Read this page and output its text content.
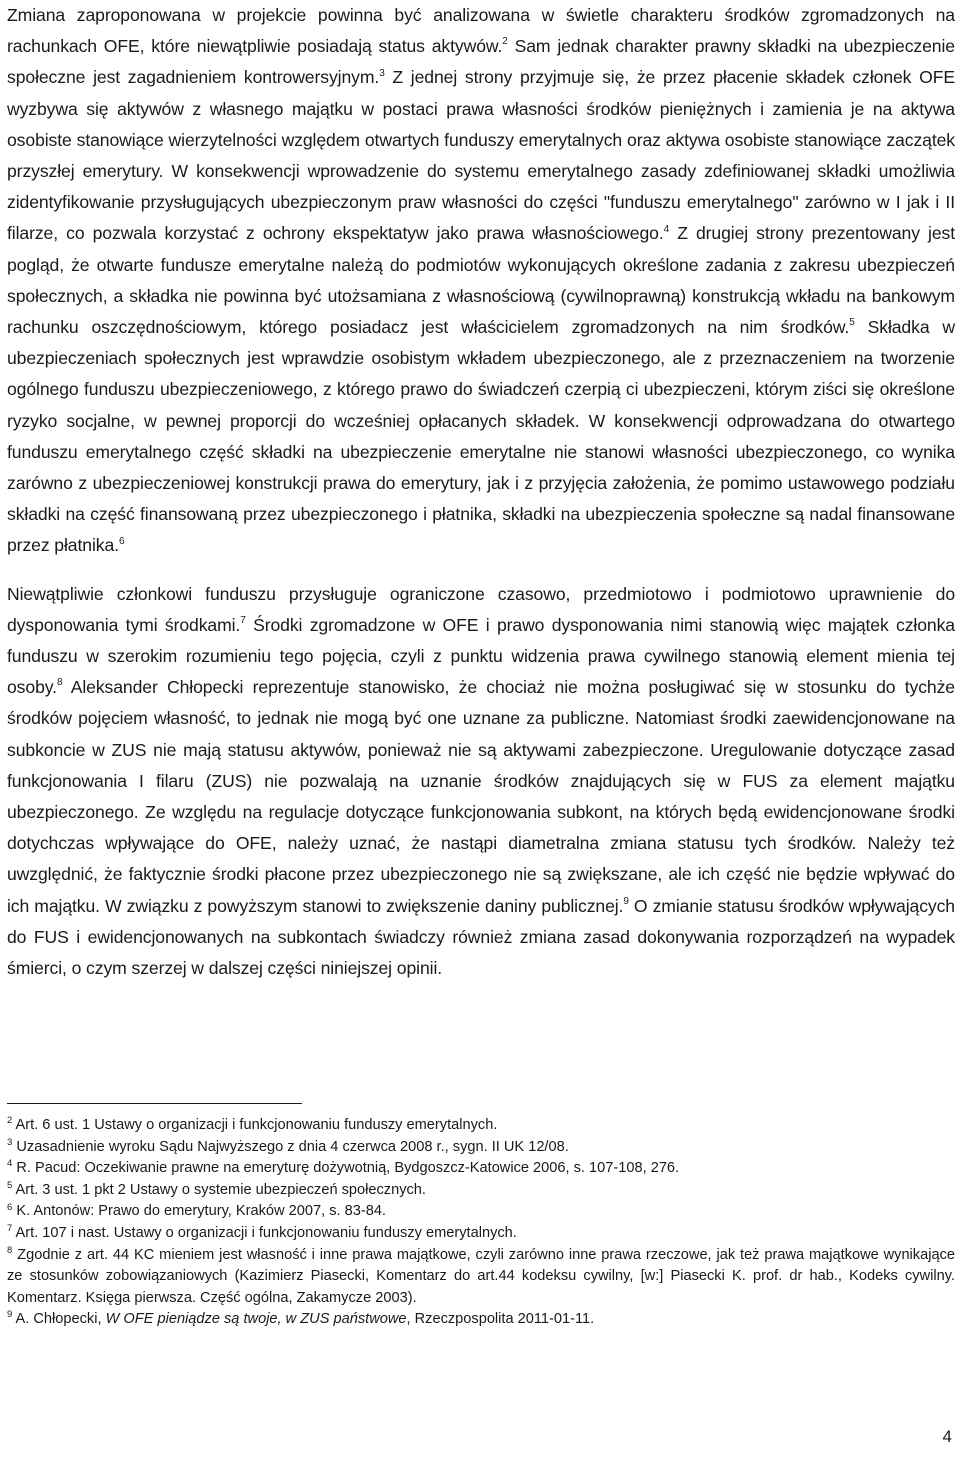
Zmiana zaproponowana w projekcie powinna być analizowana w świetle charakteru środków zgromadzonych na rachunkach OFE, które niewątpliwie posiadają status aktywów.$^2$ Sam jednak charakter prawny składki na ubezpieczenie społeczne jest zagadnieniem kontrowersyjnym.$^3$ Z jednej strony przyjmuje się, że przez płacenie składek członek OFE wyzbywa się aktywów z własnego majątku w postaci prawa własności środków pieniężnych i zamienia je na aktywa osobiste stanowiące wierzytelności względem otwartych funduszy emerytalnych oraz aktywa osobiste stanowiące zaczątek przyszłej emerytury. W konsekwencji wprowadzenie do systemu emerytalnego zasady zdefiniowanej składki umożliwia zidentyfikowanie przysługujących ubezpieczonym praw własności do części "funduszu emerytalnego" zarówno w I jak i II filarze, co pozwala korzystać z ochrony ekspektatyw jako prawa własnościowego.$^4$ Z drugiej strony prezentowany jest pogląd, że otwarte fundusze emerytalne należą do podmiotów wykonujących określone zadania z zakresu ubezpieczeń społecznych, a składka nie powinna być utożsamiana z własnościową (cywilnoprawną) konstrukcją wkładu na bankowym rachunku oszczędnościowym, którego posiadacz jest właścicielem zgromadzonych na nim środków.$^5$ Składka w ubezpieczeniach społecznych jest wprawdzie osobistym wkładem ubezpieczonego, ale z przeznaczeniem na tworzenie ogólnego funduszu ubezpieczeniowego, z którego prawo do świadczeń czerpią ci ubezpieczeni, którym ziści się określone ryzyko socjalne, w pewnej proporcji do wcześniej opłacanych składek. W konsekwencji odprowadzana do otwartego funduszu emerytalnego część składki na ubezpieczenie emerytalne nie stanowi własności ubezpieczonego, co wynika zarówno z ubezpieczeniowej konstrukcji prawa do emerytury, jak i z przyjęcia założenia, że pomimo ustawowego podziału składki na część finansowaną przez ubezpieczonego i płatnika, składki na ubezpieczenia społeczne są nadal finansowane przez płatnika.$^6$

Niewątpliwie członkowi funduszu przysługuje ograniczone czasowo, przedmiotowo i podmiotowo uprawnienie do dysponowania tymi środkami.$^7$ Środki zgromadzone w OFE i prawo dysponowania nimi stanowią więc majątek członka funduszu w szerokim rozumieniu tego pojęcia, czyli z punktu widzenia prawa cywilnego stanowią element mienia tej osoby.$^8$ Aleksander Chłopecki reprezentuje stanowisko, że chociaż nie można posługiwać się w stosunku do tychże środków pojęciem własność, to jednak nie mogą być one uznane za publiczne. Natomiast środki zaewidencjonowane na subkoncie w ZUS nie mają statusu aktywów, ponieważ nie są aktywami zabezpieczone. Uregulowanie dotyczące zasad funkcjonowania I filaru (ZUS) nie pozwalają na uznanie środków znajdujących się w FUS za element majątku ubezpieczonego. Ze względu na regulacje dotyczące funkcjonowania subkont, na których będą ewidencjonowane środki dotychczas wpływające do OFE, należy uznać, że nastąpi diametralna zmiana statusu tych środków. Należy też uwzględnić, że faktycznie środki płacone przez ubezpieczonego nie są zwiększane, ale ich część nie będzie wpływać do ich majątku. W związku z powyższym stanowi to zwiększenie daniny publicznej.$^9$ O zmianie statusu środków wpływających do FUS i ewidencjonowanych na subkontach świadczy również zmiana zasad dokonywania rozporządzeń na wypadek śmierci, o czym szerzej w dalszej części niniejszej opinii.

$^2$ Art. 6 ust. 1 Ustawy o organizacji i funkcjonowaniu funduszy emerytalnych.

$^3$ Uzasadnienie wyroku Sądu Najwyższego z dnia 4 czerwca 2008 r., sygn. II UK 12/08.

$^4$ R. Pacud: Oczekiwanie prawne na emeryturę dożywotnią, Bydgoszcz-Katowice 2006, s. 107-108, 276.

$^5$ Art. 3 ust. 1 pkt 2 Ustawy o systemie ubezpieczeń społecznych.

$^6$ K. Antonów: Prawo do emerytury, Kraków 2007, s. 83-84.

$^7$ Art. 107 i nast. Ustawy o organizacji i funkcjonowaniu funduszy emerytalnych.

$^8$ Zgodnie z art. 44 KC mieniem jest własność i inne prawa majątkowe, czyli zarówno inne prawa rzeczowe, jak też prawa majątkowe wynikające ze stosunków zobowiązaniowych (Kazimierz Piasecki, Komentarz do art.44 kodeksu cywilny, [w:] Piasecki K. prof. dr hab., Kodeks cywilny. Komentarz. Księga pierwsza. Część ogólna, Zakamycze 2003).

$^9$ A. Chłopecki, W OFE pieniądze są twoje, w ZUS państwowe, Rzeczpospolita 2011-01-11.

4
